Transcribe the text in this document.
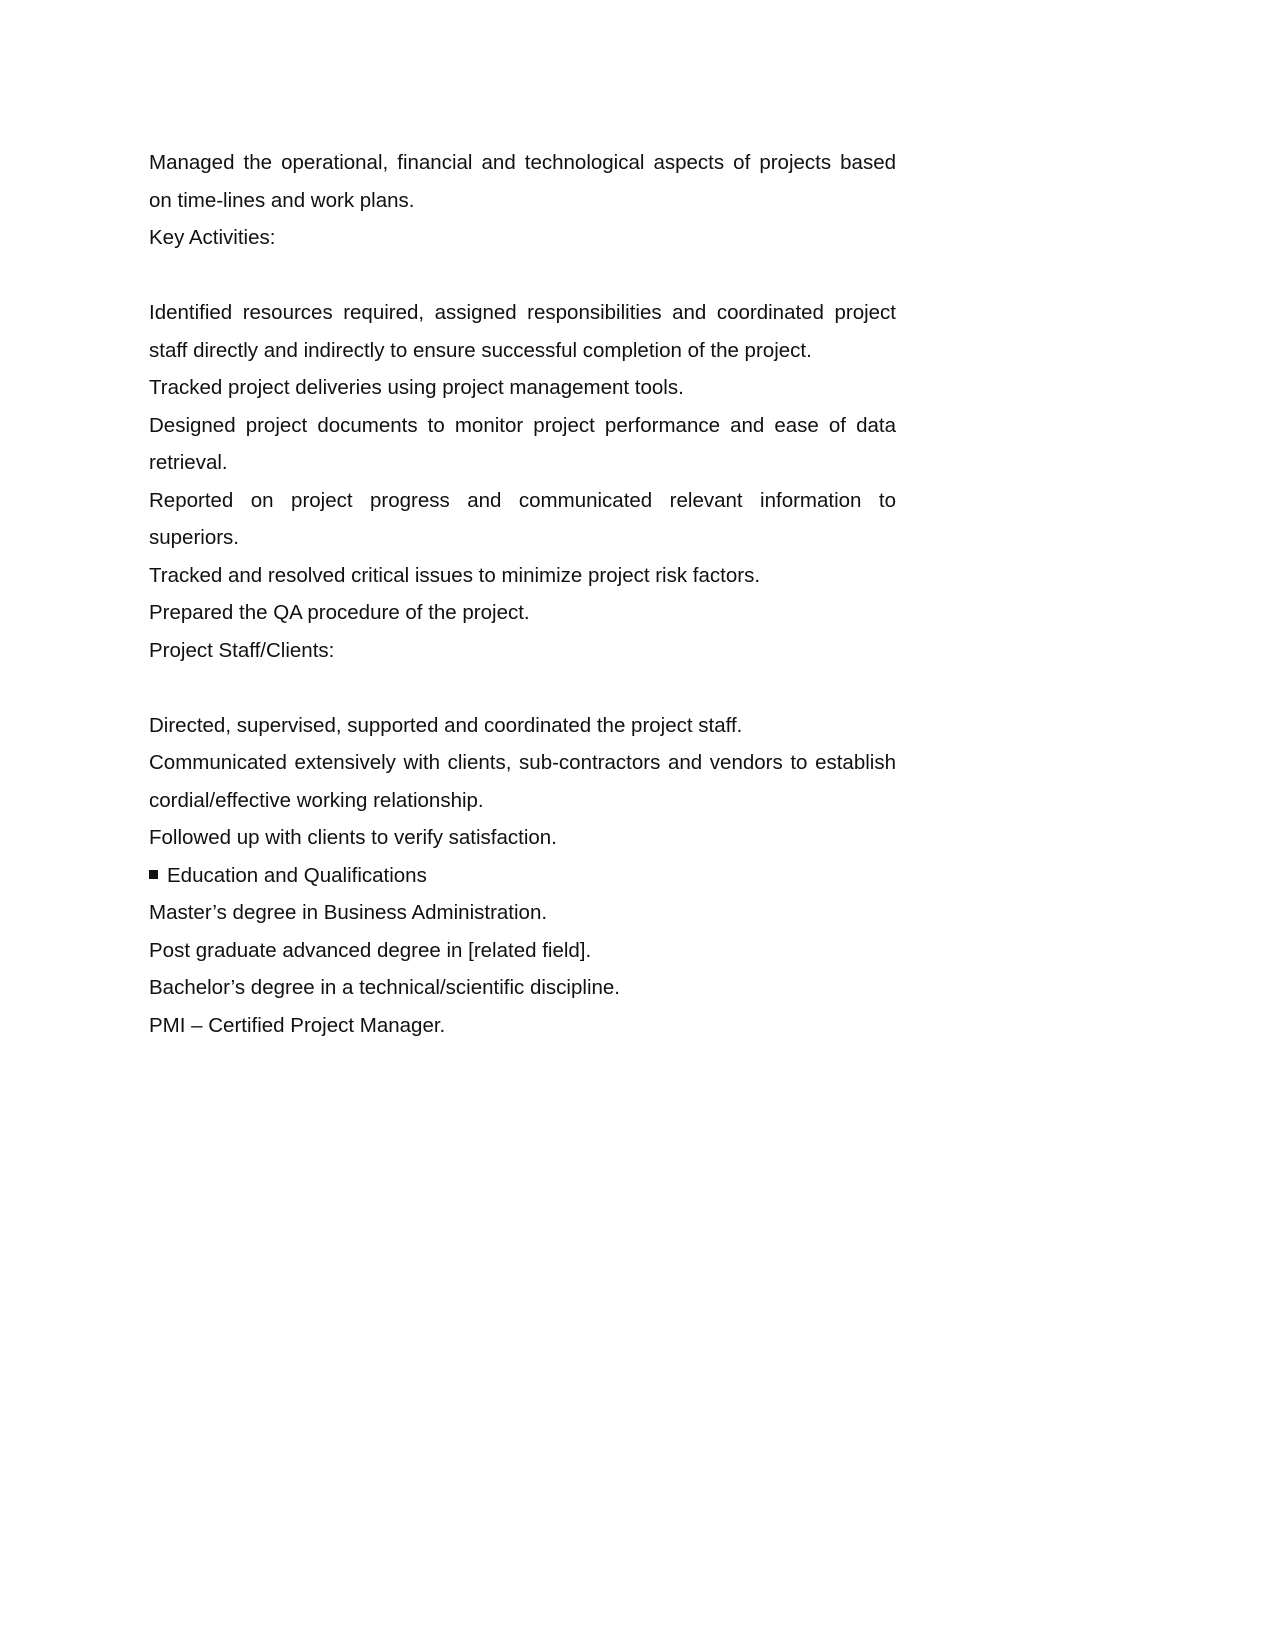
Managed the operational, financial and technological aspects of projects based

on time-lines and work plans.

Key Activities:

Identified resources required, assigned responsibilities and coordinated project

staff directly and indirectly to ensure successful completion of the project.

Tracked project deliveries using project management tools.

Designed project documents to monitor project performance and ease of data

retrieval.

Reported on project progress and communicated relevant information to

superiors.

Tracked and resolved critical issues to minimize project risk factors.

Prepared the QA procedure of the project.

Project Staff/Clients:

Directed, supervised, supported and coordinated the project staff.

Communicated extensively with clients, sub-contractors and vendors to establish

cordial/effective working relationship.

Followed up with clients to verify satisfaction.

Education and Qualifications

Master’s degree in Business Administration.

Post graduate advanced degree in [related field].

Bachelor’s degree in a technical/scientific discipline.

PMI – Certified Project Manager.
